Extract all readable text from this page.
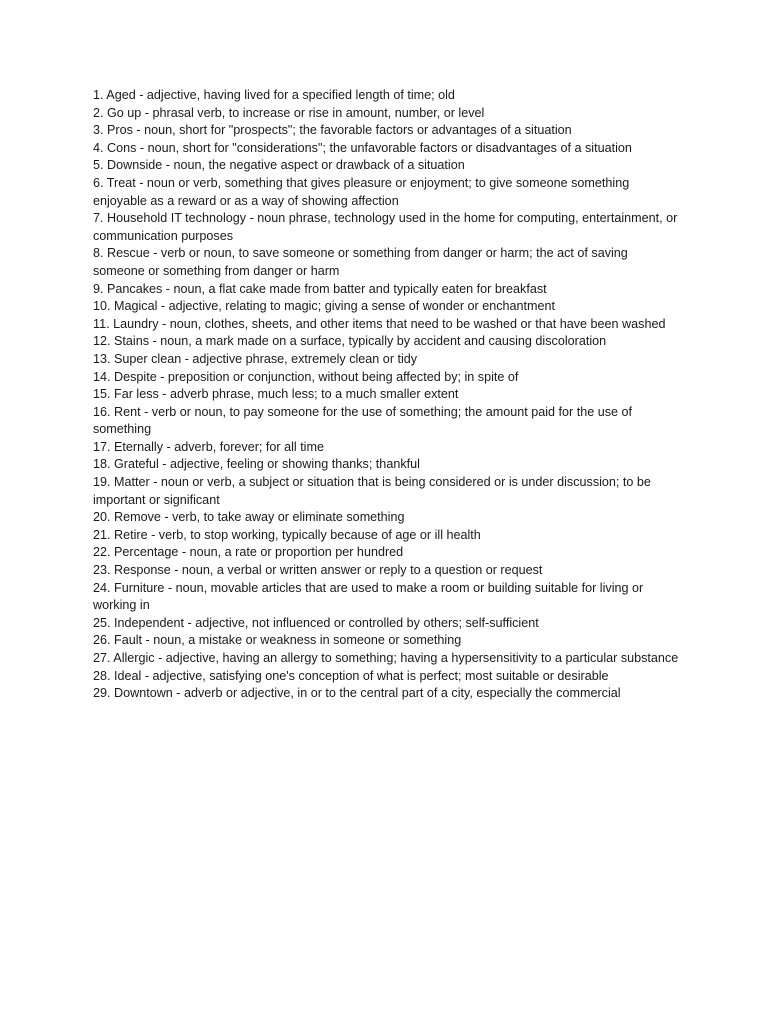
1. Aged - adjective, having lived for a specified length of time; old

2. Go up - phrasal verb, to increase or rise in amount, number, or level

3. Pros - noun, short for "prospects"; the favorable factors or advantages of a situation

4. Cons - noun, short for "considerations"; the unfavorable factors or disadvantages of a situation

5. Downside - noun, the negative aspect or drawback of a situation

6. Treat - noun or verb, something that gives pleasure or enjoyment; to give someone something enjoyable as a reward or as a way of showing affection

7. Household IT technology - noun phrase, technology used in the home for computing, entertainment, or communication purposes

8. Rescue - verb or noun, to save someone or something from danger or harm; the act of saving someone or something from danger or harm

9. Pancakes - noun, a flat cake made from batter and typically eaten for breakfast

10. Magical - adjective, relating to magic; giving a sense of wonder or enchantment

11. Laundry - noun, clothes, sheets, and other items that need to be washed or that have been washed

12. Stains - noun, a mark made on a surface, typically by accident and causing discoloration

13. Super clean - adjective phrase, extremely clean or tidy

14. Despite - preposition or conjunction, without being affected by; in spite of

15. Far less - adverb phrase, much less; to a much smaller extent

16. Rent - verb or noun, to pay someone for the use of something; the amount paid for the use of something

17. Eternally - adverb, forever; for all time

18. Grateful - adjective, feeling or showing thanks; thankful

19. Matter - noun or verb, a subject or situation that is being considered or is under discussion; to be important or significant

20. Remove - verb, to take away or eliminate something

21. Retire - verb, to stop working, typically because of age or ill health

22. Percentage - noun, a rate or proportion per hundred

23. Response - noun, a verbal or written answer or reply to a question or request

24. Furniture - noun, movable articles that are used to make a room or building suitable for living or working in

25. Independent - adjective, not influenced or controlled by others; self-sufficient

26. Fault - noun, a mistake or weakness in someone or something

27. Allergic - adjective, having an allergy to something; having a hypersensitivity to a particular substance

28. Ideal - adjective, satisfying one's conception of what is perfect; most suitable or desirable

29. Downtown - adverb or adjective, in or to the central part of a city, especially the commercial
